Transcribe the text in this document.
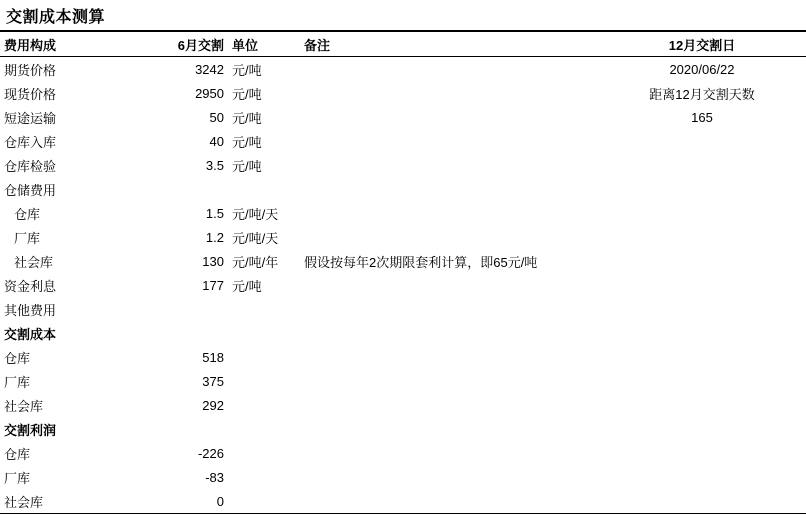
交割成本测算
费用构成	6月交割	单位	备注	12月交割日
期货价格	3242	元/吨		2020/06/22
现货价格	2950	元/吨		距离12月交割天数
短途运输	50	元/吨		165
仓库入库	40	元/吨		
仓库检验	3.5	元/吨		
仓储费用				
仓库	1.5	元/吨/天		
厂库	1.2	元/吨/天		
社会库	130	元/吨/年	假设按每年2次期限套利计算，即65元/吨	
资金利息	177	元/吨		
其他费用				
交割成本				
仓库	518			
厂库	375			
社会库	292			
交割利润				
仓库	-226			
厂库	-83			
社会库	0			
